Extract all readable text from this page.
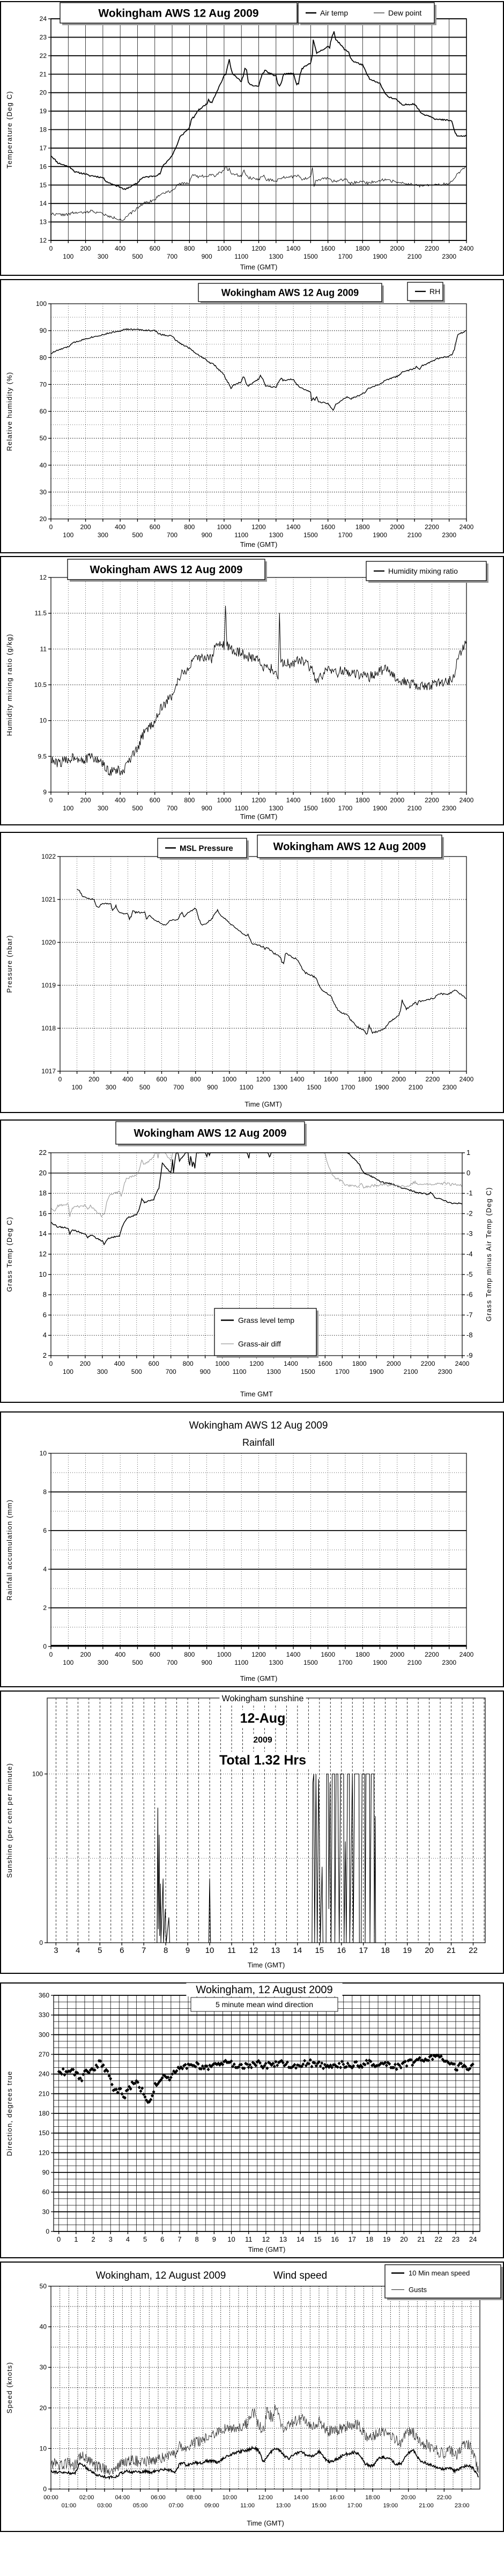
12
13
14
15
16
17
18
19
20
21
22
23
24
0	200	400	600	800	1000	1200	1400	1600	1800	2000	2200	2400
100	300	500	700	900	1100	1300	1500	1700	1900	2100	2300
Time (GMT)
Temperature (Deg C)
Wokingham AWS 12 Aug 2009	Air temp	Dew point
20
30
40
50
60
70
80
90
100
0	200	400	600	800	1000	1200	1400	1600	1800	2000	2200	2400
100	300	500	700	900	1100	1300	1500	1700	1900	2100	2300
Time (GMT)
Relative humidity (%)
Wokingham AWS 12 Aug 2009	RH
9
9.5
10
10.5
11
11.5
12
0	200	400	600	800	1000	1200	1400	1600	1800	2000	2200	2400
100	300	500	700	900	1100	1300	1500	1700	1900	2100	2300
Time (GMT)
Humidity mixing ratio (g/kg)
Wokingham AWS 12 Aug 2009	Humidity mixing ratio
1017
1018
1019
1020
1021
1022
0	200	400	600	800	1000	1200	1400	1600	1800	2000	2200	2400
100	300	500	700	900	1100	1300	1500	1700	1900	2100	2300
Time (GMT)
Pressure (nbar)
Wokingham AWS 12 Aug 2009
MSL Pressure
2
4
6
8
10
12
14
16
18
20
22
-9
-8
-7
-6
-5
-4
-3
-2
-1
0
1
0	200	400	600	800	1000	1200	1400	1600	1800	2000	2200	2400
100	300	500	700	900	1100	1300	1500	1700	1900	2100	2300
Time GMT
Grass Temp (Deg C)	Grass Temp minus Air Temp (Deg C)
Wokingham AWS 12 Aug 2009
Grass level temp
Grass-air diff
0
2
4
6
8
10
0	200	400	600	800	1000	1200	1400	1600	1800	2000	2200	2400
100	300	500	700	900	1100	1300	1500	1700	1900	2100	2300
Time (GMT)
Rainfall accumulation (mm)
Wokingham AWS 12 Aug 2009
Rainfall
0
100
3 4 5 6 7 8 9 10 11 12 13 14 15 16 17 18 19 20 21 22
Time (GMT)
Sunshine (per cent per minute)
Wokingham sunshine
12-Aug
2009
Total 1.32 Hrs
0
30
60
90
120
150
180
210
240
270
300
330
360
0 1 2 3 4 5 6 7 8 9 10 11 12 13 14 15 16 17 18 19 20 21 22 23 24
Time (GMT)
Direction, degrees true
Wokingham, 12 August 2009
5 minute mean wind direction
0
10
20
30
40
50
00:00	02:00	04:00	06:00	08:00	10:00	12:00	14:00	16:00	18:00	20:00	22:00
01:00	03:00	05:00	07:00	09:00	11:00	13:00	15:00	17:00	19:00	21:00	23:00
Time (GMT)
Speed (knots)
Wokingham, 12 August 2009	Wind speed	10 Min mean speed
Gusts
